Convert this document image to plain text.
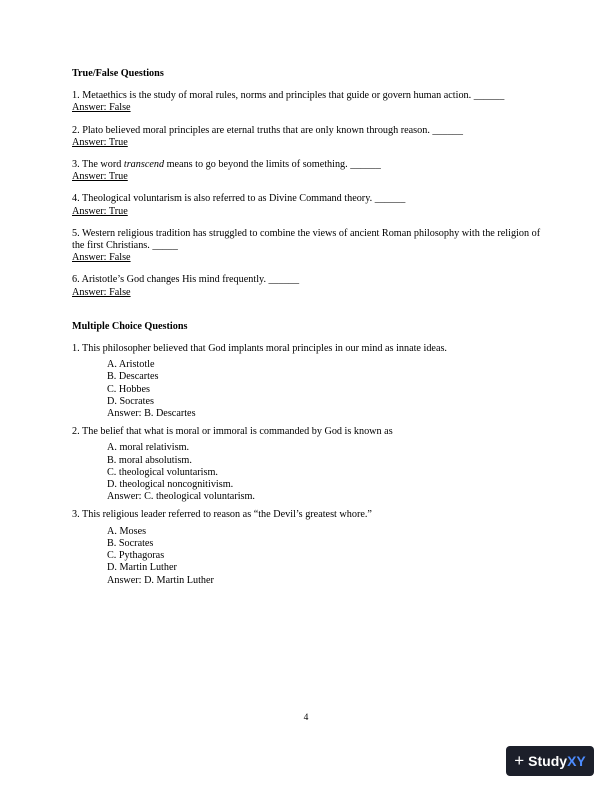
True/False Questions

1. Metaethics is the study of moral rules, norms and principles that guide or govern human action. ______

Answer: False

2. Plato believed moral principles are eternal truths that are only known through reason. ______

Answer: True

3. The word transcend means to go beyond the limits of something. ______

Answer: True

4. Theological voluntarism is also referred to as Divine Command theory. ______

Answer: True

5. Western religious tradition has struggled to combine the views of ancient Roman philosophy with the religion of the first Christians. _____

Answer: False

6. Aristotle’s God changes His mind frequently. ______

Answer: False

Multiple Choice Questions

1. This philosopher believed that God implants moral principles in our mind as innate ideas.

A. Aristotle
B. Descartes
C. Hobbes
D. Socrates

Answer: B. Descartes

2. The belief that what is moral or immoral is commanded by God is known as

A. moral relativism.
B. moral absolutism.
C. theological voluntarism.
D. theological noncognitivism.

Answer: C. theological voluntarism.

3. This religious leader referred to reason as “the Devil’s greatest whore.”

A. Moses
B. Socrates
C. Pythagoras
D. Martin Luther

Answer: D. Martin Luther

4
+ StudyXY
